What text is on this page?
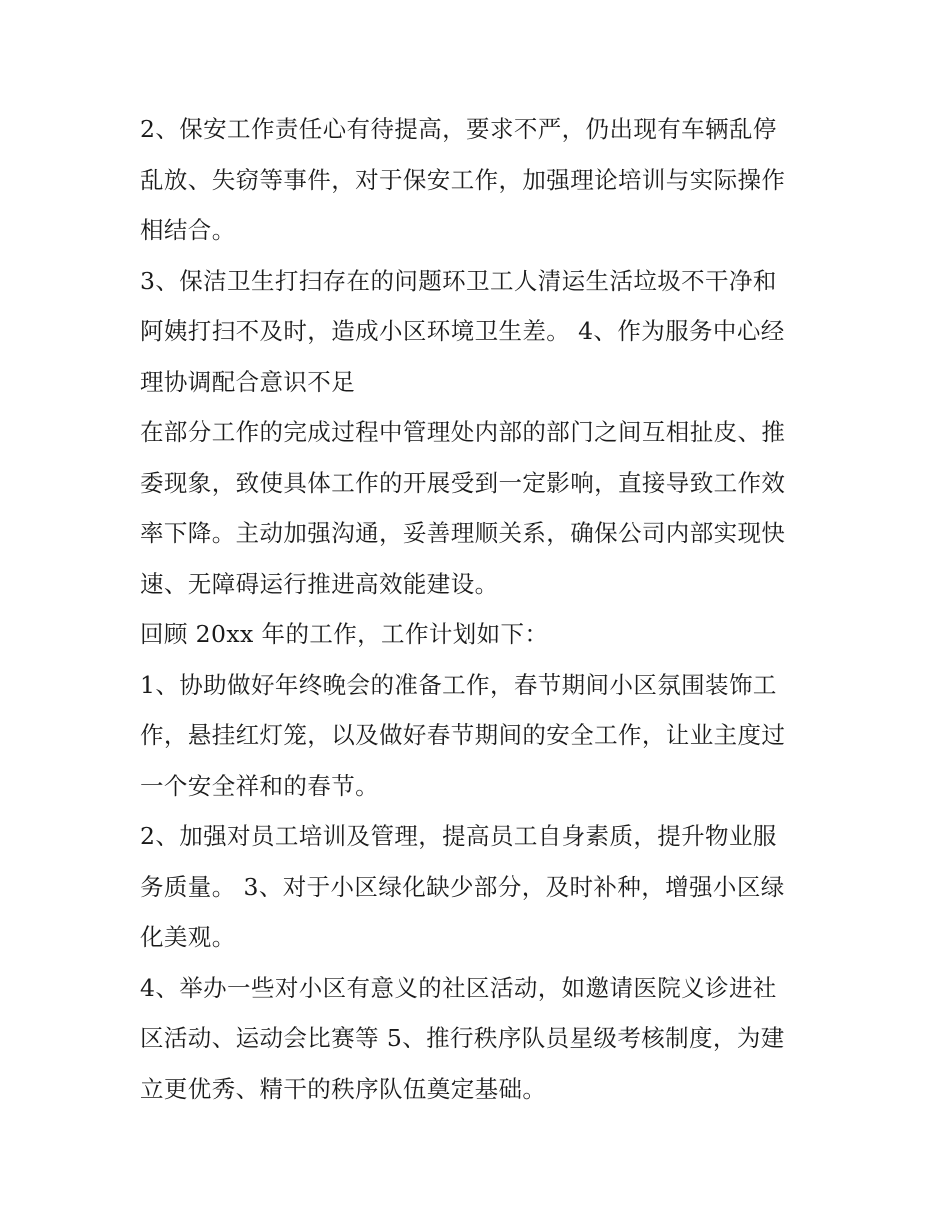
2、保安工作责任心有待提高，要求不严，仍出现有车辆乱停
乱放、失窃等事件，对于保安工作，加强理论培训与实际操作
相结合。

3、保洁卫生打扫存在的问题环卫工人清运生活垃圾不干净和
阿姨打扫不及时，造成小区环境卫生差。 4、作为服务中心经
理协调配合意识不足

在部分工作的完成过程中管理处内部的部门之间互相扯皮、推
委现象，致使具体工作的开展受到一定影响，直接导致工作效
率下降。主动加强沟通，妥善理顺关系，确保公司内部实现快
速、无障碍运行推进高效能建设。

回顾 20xx 年的工作，工作计划如下：

1、协助做好年终晚会的准备工作，春节期间小区氛围装饰工
作，悬挂红灯笼，以及做好春节期间的安全工作，让业主度过
一个安全祥和的春节。

2、加强对员工培训及管理，提高员工自身素质，提升物业服
务质量。 3、对于小区绿化缺少部分，及时补种，增强小区绿
化美观。

4、举办一些对小区有意义的社区活动，如邀请医院义诊进社
区活动、运动会比赛等 5、推行秩序队员星级考核制度，为建
立更优秀、精干的秩序队伍奠定基础。
